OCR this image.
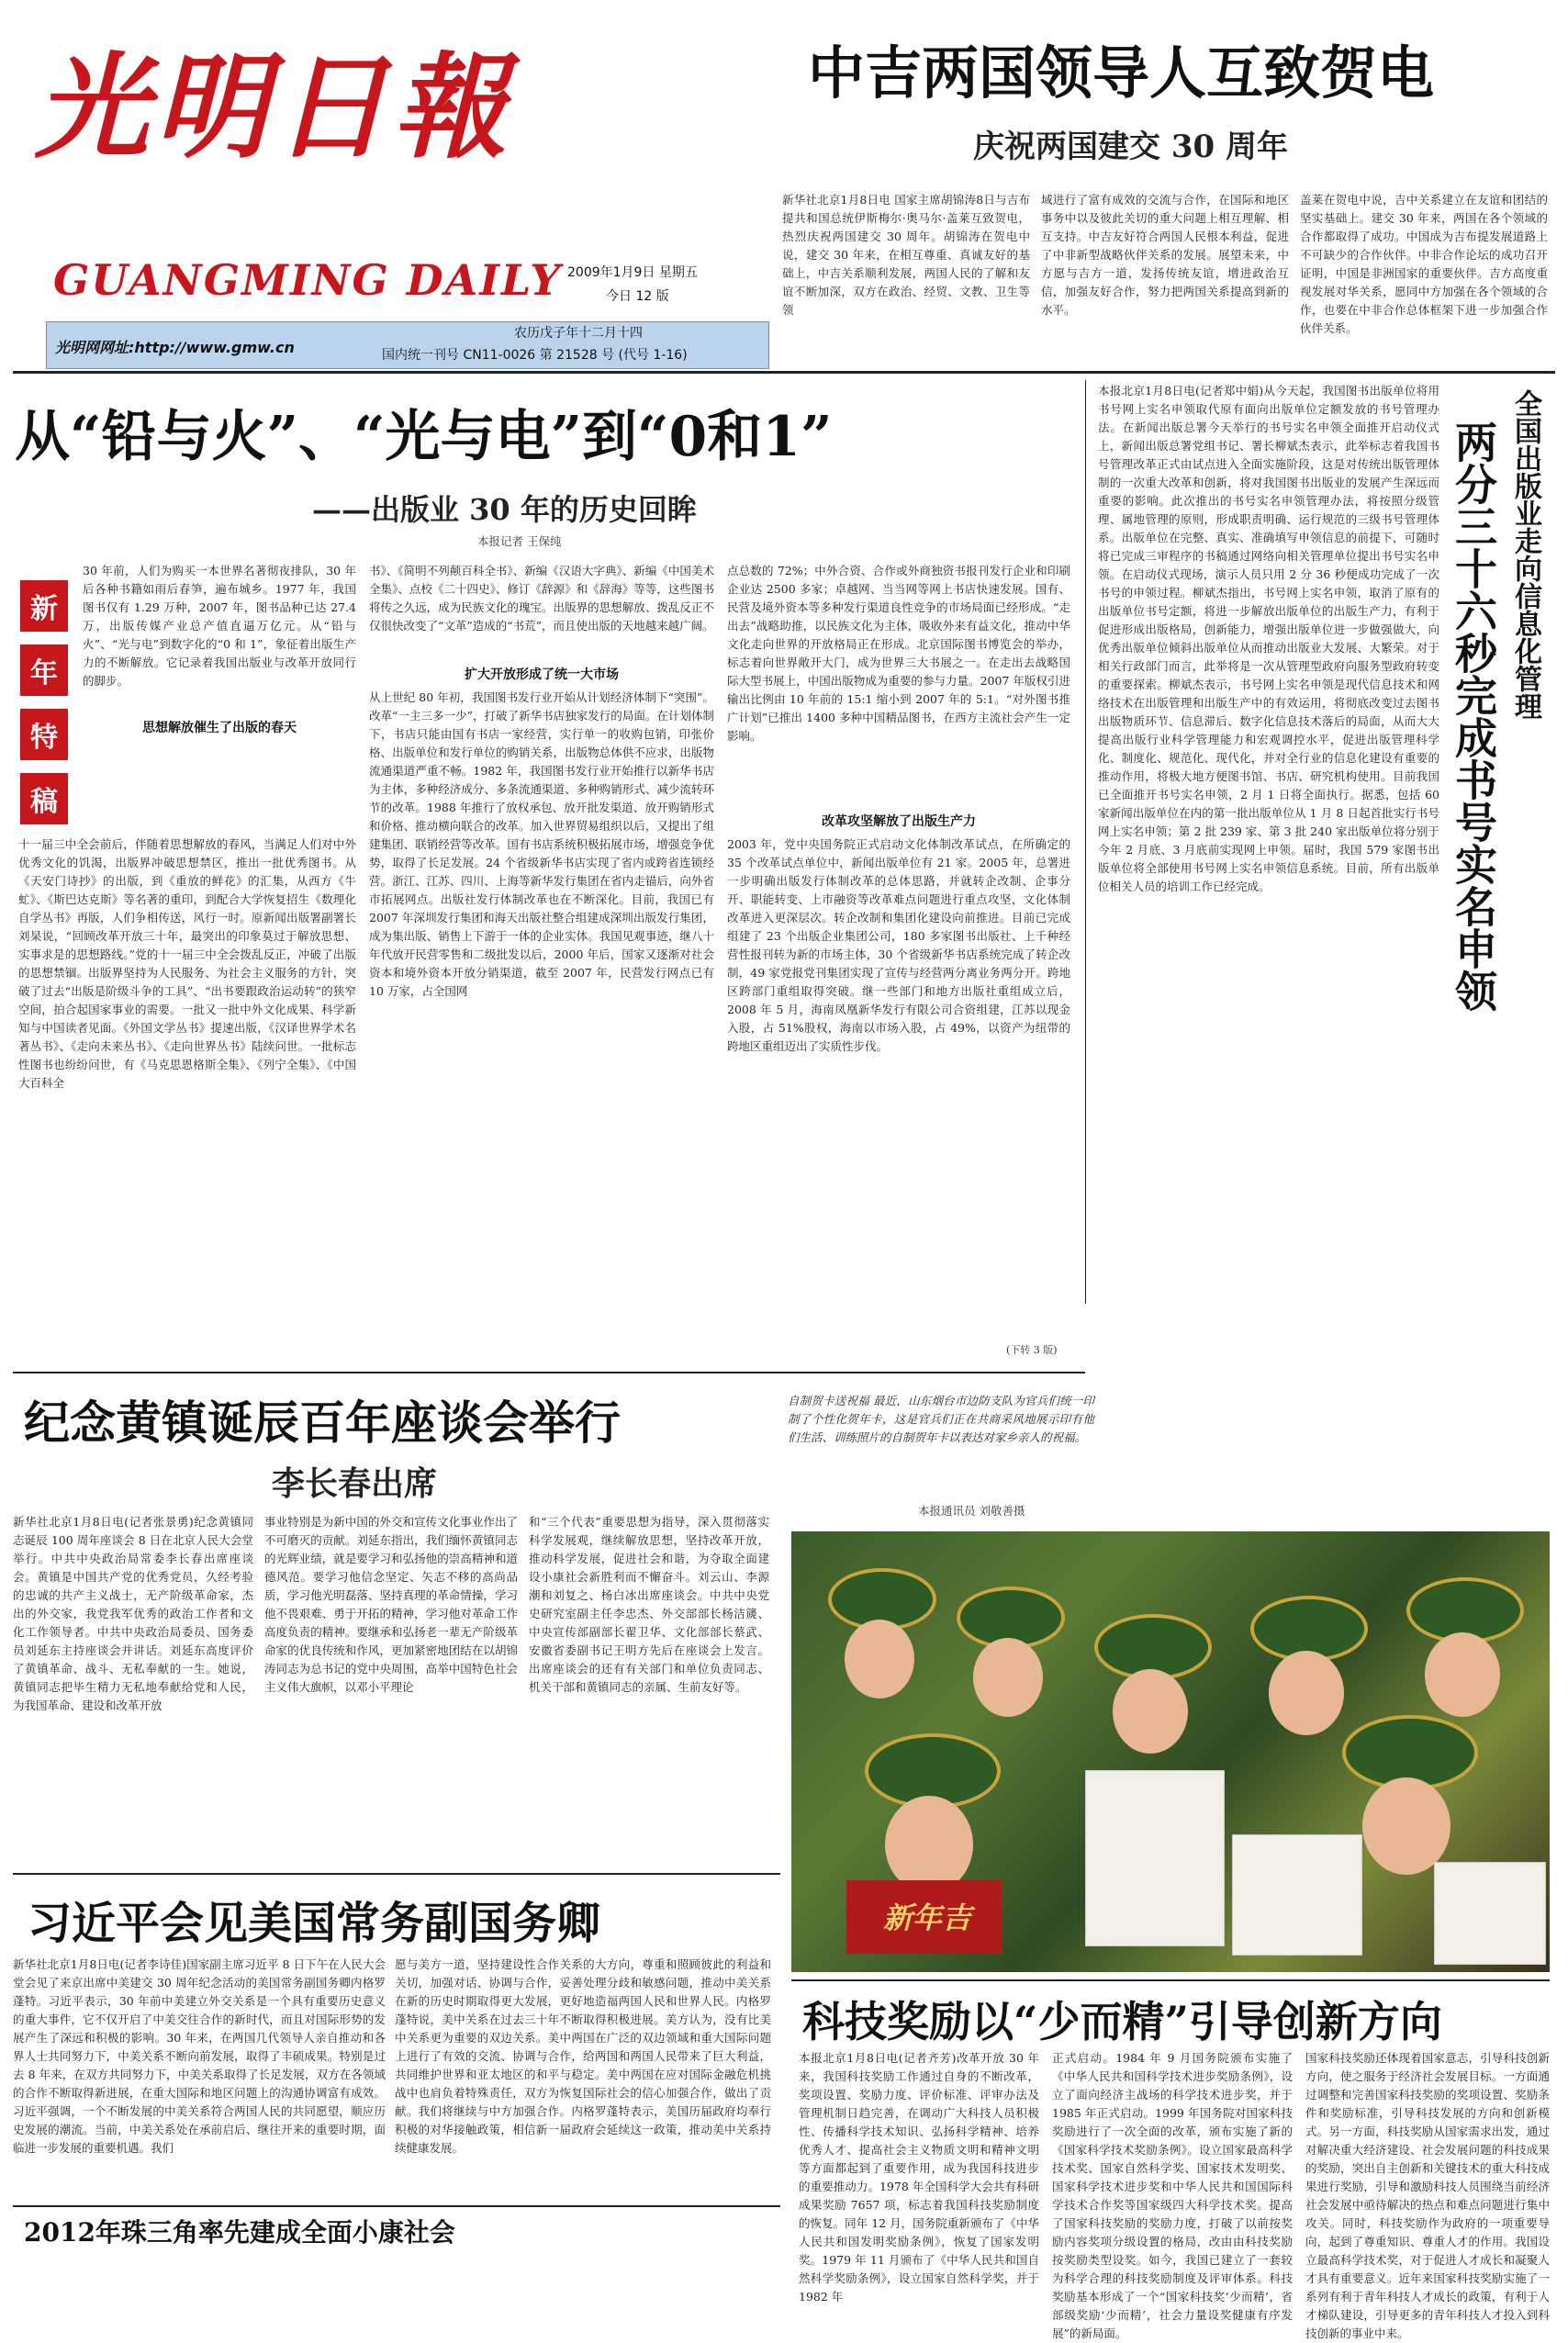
光明日報
GUANGMING DAILY 2009年1月9日 星期五
今日 12 版
光明网网址:http://www.gmw.cn
农历戊子年十二月十四
国内统一刊号 CN11-0026 第 21528 号 (代号 1-16)
中吉两国领导人互致贺电
庆祝两国建交 30 周年
新华社北京1月8日电 国家主席胡锦涛8日与吉布提共和国总统伊斯梅尔·奥马尔·盖莱互致贺电，热烈庆祝两国建交 30 周年。胡锦涛在贺电中说，建交 30 年来，在相互尊重、真诚友好的基础上，中吉关系顺利发展，两国人民的了解和友谊不断加深，双方在政治、经贸、文教、卫生等领
域进行了富有成效的交流与合作，在国际和地区事务中以及彼此关切的重大问题上相互理解、相互支持。中吉友好符合两国人民根本利益，促进了中非新型战略伙伴关系的发展。展望未来，中方愿与吉方一道，发扬传统友谊，增进政治互信，加强友好合作，努力把两国关系提高到新的水平。
盖莱在贺电中说，吉中关系建立在友谊和团结的坚实基础上。建交 30 年来，两国在各个领域的合作都取得了成功。中国成为吉布提发展道路上不可缺少的合作伙伴。中非合作论坛的成功召开证明，中国是非洲国家的重要伙伴。吉方高度重视发展对华关系，愿同中方加强在各个领域的合作，也要在中非合作总体框架下进一步加强合作伙伴关系。
从“铅与火”、“光与电”到“0和1”
——出版业 30 年的历史回眸
本报记者 王保纯
新
年
特
稿
30 年前，人们为购买一本世界名著彻夜排队，30 年后各种书籍如雨后春笋，遍布城乡。1977 年，我国图书仅有 1.29 万种，2007 年，图书品种已达 27.4 万，出版传媒产业总产值直逼万亿元。从“铅与火”、“光与电”到数字化的“0 和 1”，象征着出版生产力的不断解放。它记录着我国出版业与改革开放同行的脚步。
思想解放催生了出版的春天
十一届三中全会前后，伴随着思想解放的春风，当满足人们对中外优秀文化的饥渴，出版界冲破思想禁区，推出一批优秀图书。从《天安门诗抄》的出版，到《重放的鲜花》的汇集，从西方《牛虻》、《斯巴达克斯》等名著的重印，到配合大学恢复招生《数理化自学丛书》再版，人们争相传送，风行一时。原新闻出版署副署长刘杲说，“回顾改革开放三十年，最突出的印象莫过于解放思想、实事求是的思想路线。”党的十一届三中全会拨乱反正，冲破了出版的思想禁锢。出版界坚持为人民服务、为社会主义服务的方针，突破了过去“出版是阶级斗争的工具”、“出书要跟政治运动转”的狭窄空间，拍合起国家事业的需要。一批又一批中外文化成果、科学新知与中国读者见面。《外国文学丛书》提速出版，《汉译世界学术名著丛书》、《走向未来丛书》、《走向世界丛书》陆续问世。一批标志性图书也纷纷问世，有《马克思恩格斯全集》、《列宁全集》、《中国大百科全
书》、《简明不列颠百科全书》、新编《汉语大字典》、新编《中国美术全集》、点校《二十四史》、修订《辞源》和《辞海》等等，这些图书将传之久远，成为民族文化的瑰宝。出版界的思想解放、拨乱反正不仅很快改变了“文革”造成的“书荒”，而且使出版的天地越来越广阔。
扩大开放形成了统一大市场
从上世纪 80 年初，我国图书发行业开始从计划经济体制下“突围”。改革“一主三多一少”，打破了新华书店独家发行的局面。在计划体制下，书店只能由国有书店一家经营，实行单一的收购包销，印张价格、出版单位和发行单位的购销关系，出版物总体供不应求，出版物流通渠道严重不畅。1982 年，我国图书发行业开始推行以新华书店为主体，多种经济成分、多条流通渠道、多种购销形式、减少流转环节的改革。1988 年推行了放权承包、放开批发渠道、放开购销形式和价格、推动横向联合的改革。加入世界贸易组织以后，又提出了组建集团、联销经营等改革。国有书店系统积极拓展市场，增强竞争优势，取得了长足发展。24 个省级新华书店实现了省内或跨省连锁经营。浙江、江苏、四川、上海等新华发行集团在省内走锚后，向外省市拓展网点。出版社发行体制改革也在不断深化。目前，我国已有 2007 年深圳发行集团和海天出版社整合组建成深圳出版发行集团，成为集出版、销售上下游于一体的企业实体。我国见观事迹，继八十年代放开民营零售和二级批发以后，2000 年后，国家又逐渐对社会资本和境外资本开放分销渠道，截至 2007 年，民营发行网点已有 10 万家，占全国网
点总数的 72%；中外合资、合作或外商独资书报刊发行企业和印刷企业达 2500 多家；卓越网、当当网等网上书店快速发展。国有、民营及境外资本等多种发行渠道良性竞争的市场局面已经形成。“走出去”战略助推，以民族文化为主体，吸收外来有益文化，推动中华文化走向世界的开放格局正在形成。北京国际图书博览会的举办，标志着向世界敞开大门，成为世界三大书展之一。在走出去战略国际大型书展上，中国出版物成为重要的参与力量。2007 年版权引进输出比例由 10 年前的 15:1 缩小到 2007 年的 5:1。“对外图书推广计划”已推出 1400 多种中国精品图书，在西方主流社会产生一定影响。
改革攻坚解放了出版生产力
2003 年，党中央国务院正式启动文化体制改革试点，在所确定的 35 个改革试点单位中，新闻出版单位有 21 家。2005 年，总署进一步明确出版发行体制改革的总体思路，并就转企改制、企事分开、职能转变、上市融资等改革难点问题进行重点攻坚，文化体制改革进入更深层次。转企改制和集团化建设向前推进。目前已完成组建了 23 个出版企业集团公司，180 多家图书出版社、上千种经营性报刊转为新的市场主体，30 个省级新华书店系统完成了转企改制，49 家党报党刊集团实现了宣传与经营两分离业务两分开。跨地区跨部门重组取得突破。继一些部门和地方出版社重组成立后，2008 年 5 月，海南凤凰新华发行有限公司合资组建，江苏以现金入股，占 51%股权，海南以市场入股，占 49%，以资产为纽带的跨地区重组迈出了实质性步伐。
(下转 3 版)
本报北京1月8日电(记者郑中娟)从今天起，我国图书出版单位将用书号网上实名申领取代原有面向出版单位定额发放的书号管理办法。在新闻出版总署今天举行的书号实名申领全面推开启动仪式上，新闻出版总署党组书记、署长柳斌杰表示，此举标志着我国书号管理改革正式由试点进入全面实施阶段，这是对传统出版管理体制的一次重大改革和创新，将对我国图书出版业的发展产生深远而重要的影响。此次推出的书号实名申领管理办法，将按照分级管理、属地管理的原则，形成职责明确、运行规范的三级书号管理体系。出版单位在完整、真实、准确填写申领信息的前提下，可随时将已完成三审程序的书稿通过网络向相关管理单位提出书号实名申领。在启动仪式现场，演示人员只用 2 分 36 秒便成功完成了一次书号的申领过程。柳斌杰指出，书号网上实名申领，取消了原有的出版单位书号定额，将进一步解放出版单位的出版生产力，有利于促进形成出版格局，创新能力，增强出版单位进一步做强做大，向优秀出版单位倾斜出版单位从而推动出版业大发展、大繁荣。对于相关行政部门而言，此举将是一次从管理型政府向服务型政府转变的重要探索。柳斌杰表示，书号网上实名申领是现代信息技术和网络技术在出版管理和出版生产中的有效运用，将彻底改变过去图书出版物质环节、信息滞后、数字化信息技术落后的局面，从而大大提高出版行业科学管理能力和宏观调控水平，促进出版管理科学化、制度化、规范化、现代化，并对全行业的信息化建设有重要的推动作用，将极大地方便图书馆、书店、研究机构使用。目前我国已全面推开书号实名申领，2 月 1 日将全面执行。据悉，包括 60 家新闻出版单位在内的第一批出版单位从 1 月 8 日起首批实行书号网上实名申领；第 2 批 239 家、第 3 批 240 家出版单位将分别于今年 2 月底、3 月底前实现网上申领。届时，我国 579 家图书出版单位将全部使用书号网上实名申领信息系统。目前，所有出版单位相关人员的培训工作已经完成。	两分三十六秒完成书号实名申领 全国出版业走向信息化管理
纪念黄镇诞辰百年座谈会举行
李长春出席
新华社北京1月8日电(记者张景勇)纪念黄镇同志诞辰 100 周年座谈会 8 日在北京人民大会堂举行。中共中央政治局常委李长春出席座谈会。黄镇是中国共产党的优秀党员，久经考验的忠诚的共产主义战士，无产阶级革命家，杰出的外交家，我党我军优秀的政治工作者和文化工作领导者。中共中央政治局委员、国务委员刘延东主持座谈会并讲话。刘延东高度评价了黄镇革命、战斗、无私奉献的一生。她说，黄镇同志把毕生精力无私地奉献给党和人民，为我国革命、建设和改革开放
事业特别是为新中国的外交和宣传文化事业作出了不可磨灭的贡献。刘延东指出，我们缅怀黄镇同志的光辉业绩，就是要学习和弘扬他的崇高精神和道德风范。要学习他信念坚定、矢志不移的高尚品质，学习他光明磊落、坚持真理的革命情操，学习他不畏艰难、勇于开拓的精神，学习他对革命工作高度负责的精神。要继承和弘扬老一辈无产阶级革命家的优良传统和作风，更加紧密地团结在以胡锦涛同志为总书记的党中央周围，高举中国特色社会主义伟大旗帜，以邓小平理论
和“三个代表”重要思想为指导，深入贯彻落实科学发展观，继续解放思想，坚持改革开放，推动科学发展，促进社会和谐，为夺取全面建设小康社会新胜利而不懈奋斗。刘云山、李源潮和刘复之、杨白冰出席座谈会。中共中央党史研究室副主任李忠杰、外交部部长杨洁篪、中央宣传部副部长翟卫华、文化部部长蔡武、安徽省委副书记王明方先后在座谈会上发言。出席座谈会的还有有关部门和单位负责同志、机关干部和黄镇同志的亲属、生前友好等。
自制贺卡送祝福 最近，山东烟台市边防支队为官兵们统一印制了个性化贺年卡，这是官兵们正在共商采风地展示印有他们生活、训练照片的自制贺年卡以表达对家乡亲人的祝福。
本报通讯员 刘敬善摄
新年吉
习近平会见美国常务副国务卿
新华社北京1月8日电(记者李诗佳)国家副主席习近平 8 日下午在人民大会堂会见了来京出席中美建交 30 周年纪念活动的美国常务副国务卿内格罗蓬特。习近平表示，30 年前中美建立外交关系是一个具有重要历史意义的重大事件，它不仅开启了中美交往合作的新时代，而且对国际形势的发展产生了深远和积极的影响。30 年来，在两国几代领导人亲自推动和各界人士共同努力下，中美关系不断向前发展，取得了丰硕成果。特别是过去 8 年来，在双方共同努力下，中美关系取得了长足发展，双方在各领域的合作不断取得新进展，在重大国际和地区问题上的沟通协调富有成效。习近平强调，一个不断发展的中美关系符合两国人民的共同愿望，顺应历史发展的潮流。当前，中美关系处在承前启后、继往开来的重要时期，面临进一步发展的重要机遇。我们
愿与美方一道，坚持建设性合作关系的大方向，尊重和照顾彼此的利益和关切，加强对话、协调与合作，妥善处理分歧和敏感问题，推动中美关系在新的历史时期取得更大发展，更好地造福两国人民和世界人民。内格罗蓬特说，美中关系在过去三十年不断取得积极进展。美方认为，没有比美中关系更为重要的双边关系。美中两国在广泛的双边领域和重大国际问题上进行了有效的交流、协调与合作，给两国和两国人民带来了巨大利益，共同维护世界和亚太地区的和平与稳定。美中两国在应对国际金融危机挑战中也肩负着特殊责任，双方为恢复国际社会的信心加强合作，做出了贡献。我们将继续与中方加强合作。内格罗蓬特表示，美国历届政府均奉行积极的对华接触政策，相信新一届政府会延续这一政策，推动美中关系持续健康发展。
2012年珠三角率先建成全面小康社会
科技奖励以“少而精”引导创新方向
本报北京1月8日电(记者齐芳)改革开放 30 年来，我国科技奖励工作通过自身的不断改革，奖项设置、奖励力度、评价标准、评审办法及管理机制日趋完善，在调动广大科技人员积极性、传播科学技术知识、弘扬科学精神、培养优秀人才、提高社会主义物质文明和精神文明等方面都起到了重要作用，成为我国科技进步的重要推动力。1978 年全国科学大会共有科研成果奖励 7657 项，标志着我国科技奖励制度的恢复。同年 12 月，国务院重新颁布了《中华人民共和国发明奖励条例》，恢复了国家发明奖。1979 年 11 月颁布了《中华人民共和国自然科学奖励条例》，设立国家自然科学奖，并于 1982 年
正式启动。1984 年 9 月国务院颁布实施了《中华人民共和国科学技术进步奖励条例》，设立了面向经济主战场的科学技术进步奖，并于 1985 年正式启动。1999 年国务院对国家科技奖励进行了一次全面的改革，颁布实施了新的《国家科学技术奖励条例》。设立国家最高科学技术奖、国家自然科学奖、国家技术发明奖、国家科学技术进步奖和中华人民共和国国际科学技术合作奖等国家级四大科学技术奖。提高了国家科技奖励的奖励力度，打破了以前按奖励内容奖项分级设置的格局，改由由科技奖励按奖励类型设奖。如今，我国已建立了一套较为科学合理的科技奖励制度及评审体系。科技奖励基本形成了一个“国家科技奖‘少而精’，省部级奖励‘少而精’，社会力量设奖健康有序发展”的新局面。
国家科技奖励还体现着国家意志，引导科技创新方向，使之服务于经济社会发展目标。一方面通过调整和完善国家科技奖励的奖项设置、奖励条件和奖励标准，引导科技发展的方向和创新模式。另一方面，科技奖励从国家需求出发，通过对解决重大经济建设、社会发展问题的科技成果的奖励，突出自主创新和关键技术的重大科技成果进行奖励，引导和激励科技人员围绕当前经济社会发展中亟待解决的热点和难点问题进行集中攻关。同时，科技奖励作为政府的一项重要导向，起到了尊重知识、尊重人才的作用。我国设立最高科学技术奖，对于促进人才成长和凝聚人才具有重要意义。近年来国家科技奖励实施了一系列有利于青年科技人才成长的政策，有利于人才梯队建设，引导更多的青年科技人才投入到科技创新的事业中来。
